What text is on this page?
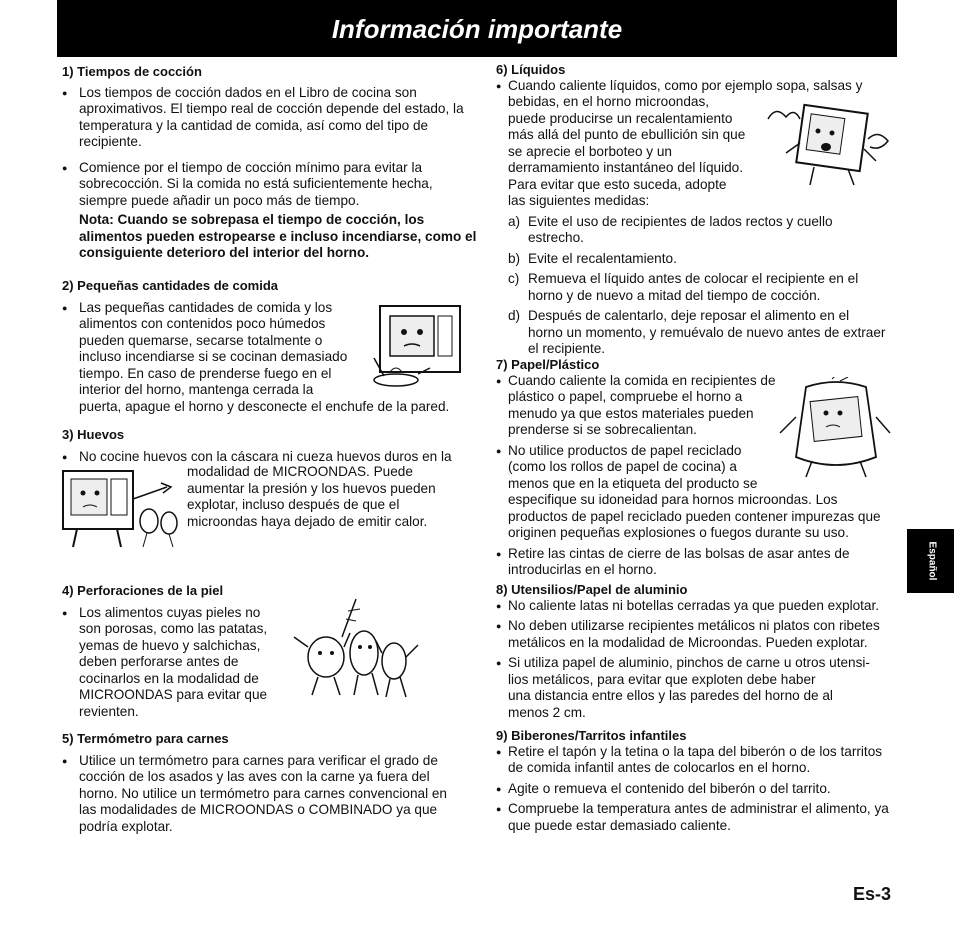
Información importante

1) Tiempos de cocción

● Los tiempos de cocción dados en el Libro de cocina son aproximativos. El tiempo real de cocción depende del estado, la temperatura y la cantidad de comida, así como del tipo de recipiente.

● Comience por el tiempo de cocción mínimo para evitar la sobrecocción. Si la comida no está suficientemente hecha, siempre puede añadir un poco más de tiempo.

Nota: Cuando se sobrepasa el tiempo de cocción, los alimentos pueden estropearse e incluso incendiarse, como el consiguiente deterioro del interior del horno.

2) Pequeñas cantidades de comida

● Las pequeñas cantidades de comida y los
alimentos con contenidos poco húmedos
pueden quemarse, secarse totalmente o
incluso incendiarse si se cocinan demasiado
tiempo. En caso de prenderse fuego en el
interior del horno, mantenga cerrada la
puerta, apague el horno y desconecte el enchufe de la pared.

3) Huevos

● No cocine huevos con la cáscara ni cueza huevos duros en la

modalidad de MICROONDAS. Puede aumentar la presión y los huevos pueden explotar, incluso después de que el microondas haya dejado de emitir calor.

4) Perforaciones de la piel

● Los alimentos cuyas pieles no son porosas, como las patatas, yemas de huevo y salchichas, deben perforarse antes de cocinarlos en la modalidad de MICROONDAS para evitar que revienten.

5) Termómetro para carnes

● Utilice un termómetro para carnes para verificar el grado de cocción de los asados y las aves con la carne ya fuera del horno. No utilice un termómetro para carnes convencional en las modalidades de MICROONDAS o COMBINADO ya que podría explotar.

6) Líquidos

● Cuando caliente líquidos, como por ejemplo sopa, salsas y
bebidas, en el horno microondas,
puede producirse un recalentamiento
más allá del punto de ebullición sin que
se aprecie el borboteo y un
derramamiento instantáneo del líquido.
Para evitar que esto suceda, adopte
las siguientes medidas:

a) Evite el uso de recipientes de lados rectos y cuello estrecho.

b) Evite el recalentamiento.

c) Remueva el líquido antes de colocar el recipiente en el horno y de nuevo a mitad del tiempo de cocción.

d) Después de calentarlo, deje reposar el alimento en el horno un momento, y remuévalo de nuevo antes de extraer el recipiente.

7) Papel/Plástico

● Cuando caliente la comida en recipientes de plástico o papel, compruebe el horno a menudo ya que estos materiales pueden prenderse si se sobrecalientan.

● No utilice productos de papel reciclado
(como los rollos de papel de cocina) a
menos que en la etiqueta del producto se
especifique su idoneidad para hornos microondas. Los productos de papel reciclado pueden contener impurezas que originen pequeñas explosiones o fuegos durante su uso.

● Retire las cintas de cierre de las bolsas de asar antes de introducirlas en el horno.

8) Utensilios/Papel de aluminio

● No caliente latas ni botellas cerradas ya que pueden explotar.

● No deben utilizarse recipientes metálicos ni platos con ribetes metálicos en la modalidad de Microondas. Pueden explotar.

● Si utiliza papel de aluminio, pinchos de carne u otros utensi-
lios metálicos, para evitar que exploten debe haber
una distancia entre ellos y las paredes del horno de al
menos 2 cm.

9) Biberones/Tarritos infantiles

● Retire el tapón y la tetina o la tapa del biberón o de los tarritos de comida infantil antes de colocarlos en el horno.

● Agite o remueva el contenido del biberón o del tarrito.

● Compruebe la temperatura antes de administrar el alimento, ya que puede estar demasiado caliente.

Español
Es-3
